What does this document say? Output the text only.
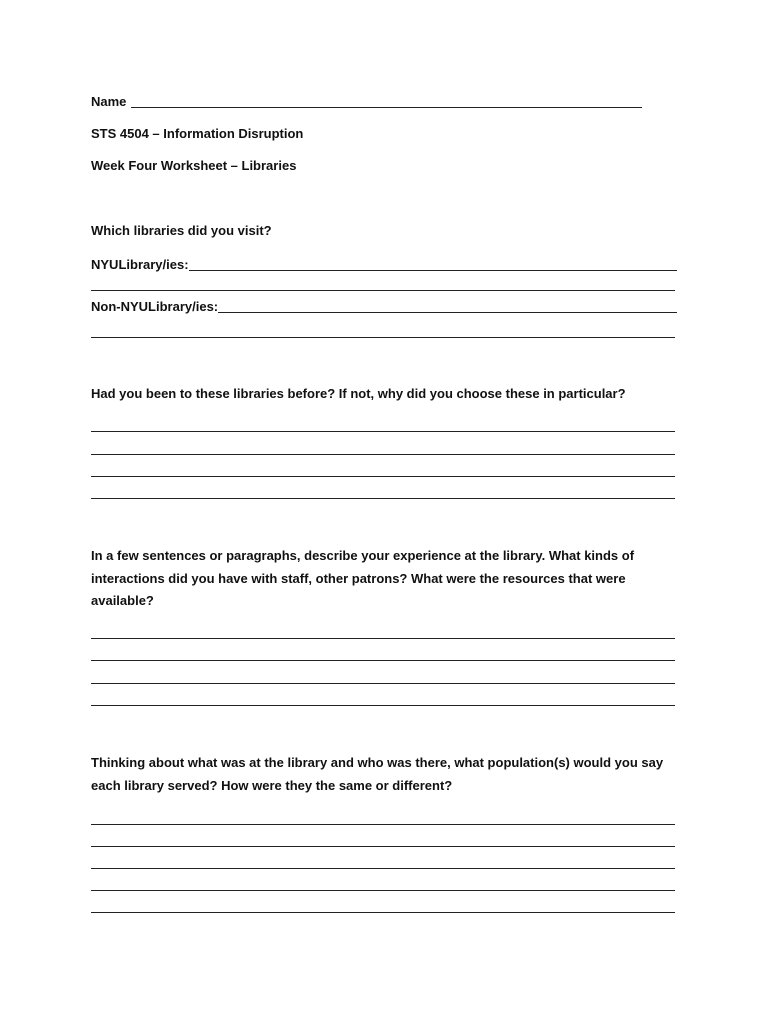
Name
STS 4504 – Information Disruption
Week Four Worksheet – Libraries
Which libraries did you visit?
NYULibrary/ies:
Non-NYULibrary/ies:
Had you been to these libraries before? If not, why did you choose these in particular?
In a few sentences or paragraphs, describe your experience at the library. What kinds of interactions did you have with staff, other patrons? What were the resources that were available?
Thinking about what was at the library and who was there, what population(s) would you say each library served? How were they the same or different?
